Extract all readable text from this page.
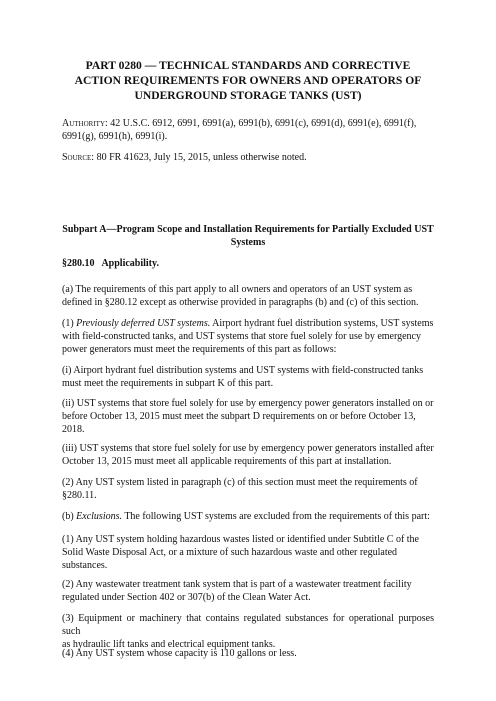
PART 0280 — TECHNICAL STANDARDS AND CORRECTIVE
ACTION REQUIREMENTS FOR OWNERS AND OPERATORS OF
UNDERGROUND STORAGE TANKS (UST)

Authority: 42 U.S.C. 6912, 6991, 6991(a), 6991(b), 6991(c), 6991(d), 6991(e), 6991(f),
6991(g), 6991(h), 6991(i).

Source: 80 FR 41623, July 15, 2015, unless otherwise noted.

Subpart A—Program Scope and Installation Requirements for Partially Excluded UST
Systems
§280.10   Applicability.

(a) The requirements of this part apply to all owners and operators of an UST system as
defined in §280.12 except as otherwise provided in paragraphs (b) and (c) of this section.

(1) Previously deferred UST systems. Airport hydrant fuel distribution systems, UST systems
with field-constructed tanks, and UST systems that store fuel solely for use by emergency
power generators must meet the requirements of this part as follows:

(i) Airport hydrant fuel distribution systems and UST systems with field-constructed tanks
must meet the requirements in subpart K of this part.

(ii) UST systems that store fuel solely for use by emergency power generators installed on or
before October 13, 2015 must meet the subpart D requirements on or before October 13,
2018.

(iii) UST systems that store fuel solely for use by emergency power generators installed after
October 13, 2015 must meet all applicable requirements of this part at installation.

(2) Any UST system listed in paragraph (c) of this section must meet the requirements of
§280.11.

(b) Exclusions. The following UST systems are excluded from the requirements of this part:

(1) Any UST system holding hazardous wastes listed or identified under Subtitle C of the
Solid Waste Disposal Act, or a mixture of such hazardous waste and other regulated
substances.

(2) Any wastewater treatment tank system that is part of a wastewater treatment facility
regulated under Section 402 or 307(b) of the Clean Water Act.

(3) Equipment or machinery that contains regulated substances for operational purposes such
as hydraulic lift tanks and electrical equipment tanks.

(4) Any UST system whose capacity is 110 gallons or less.
